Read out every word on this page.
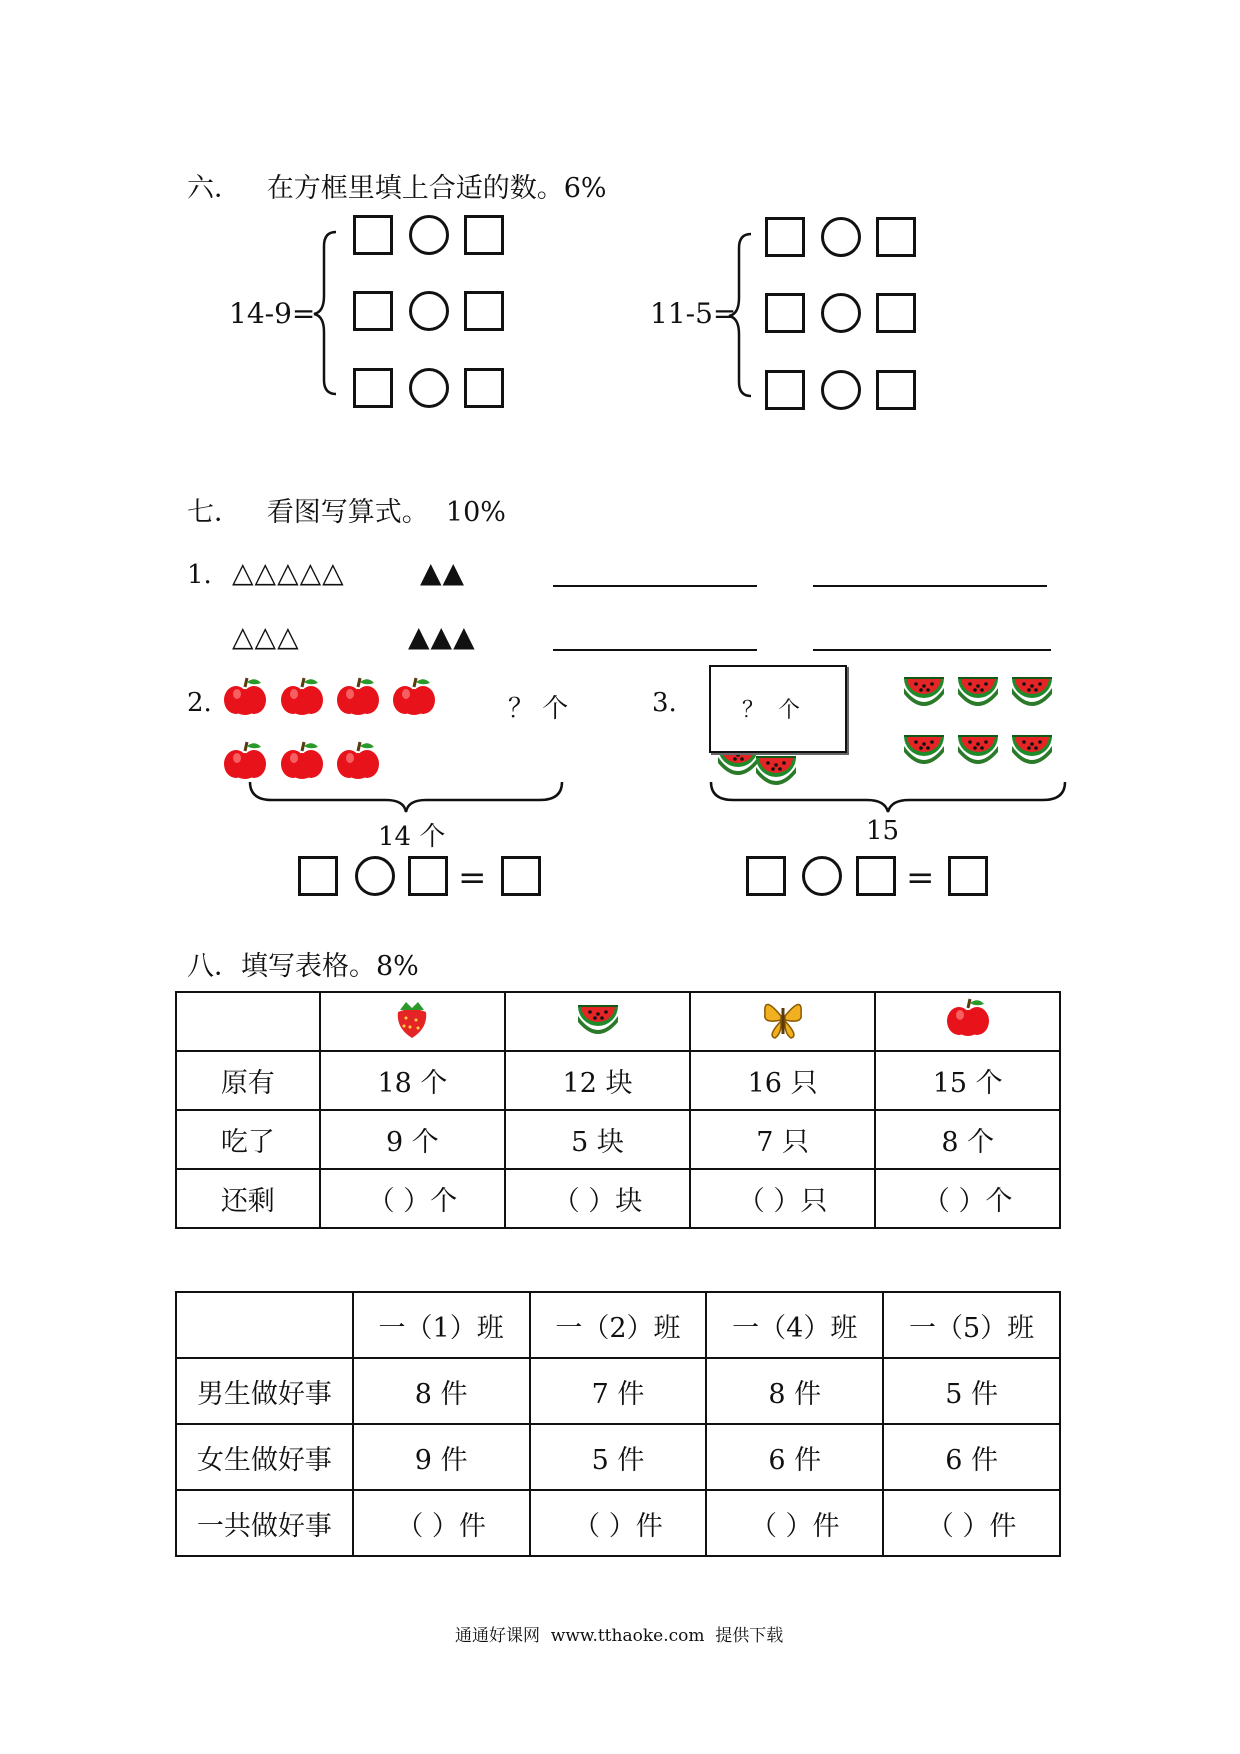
六．   在方框里填上合适的数。6%
14-9=	11-5=
七．   看图写算式。  10%
1. △△△△△	▲▲
△△△	▲▲▲
2.	？ 个
14 个
=
3.	？  个
15
=
八．填写表格。8%

原有	18 个	12 块	16 只	15 个
吃了	9 个	5 块	7 只	8 个
还剩	（ ）个	（ ）块	（ ）只	（ ）个
	一（1）班	一（2）班	一（4）班	一（5）班
男生做好事	8 件	7 件	8 件	5 件
女生做好事	9 件	5 件	6 件	6 件
一共做好事	（ ）件	（ ）件	（ ）件	（ ）件
通通好课网  www.tthaoke.com  提供下载
